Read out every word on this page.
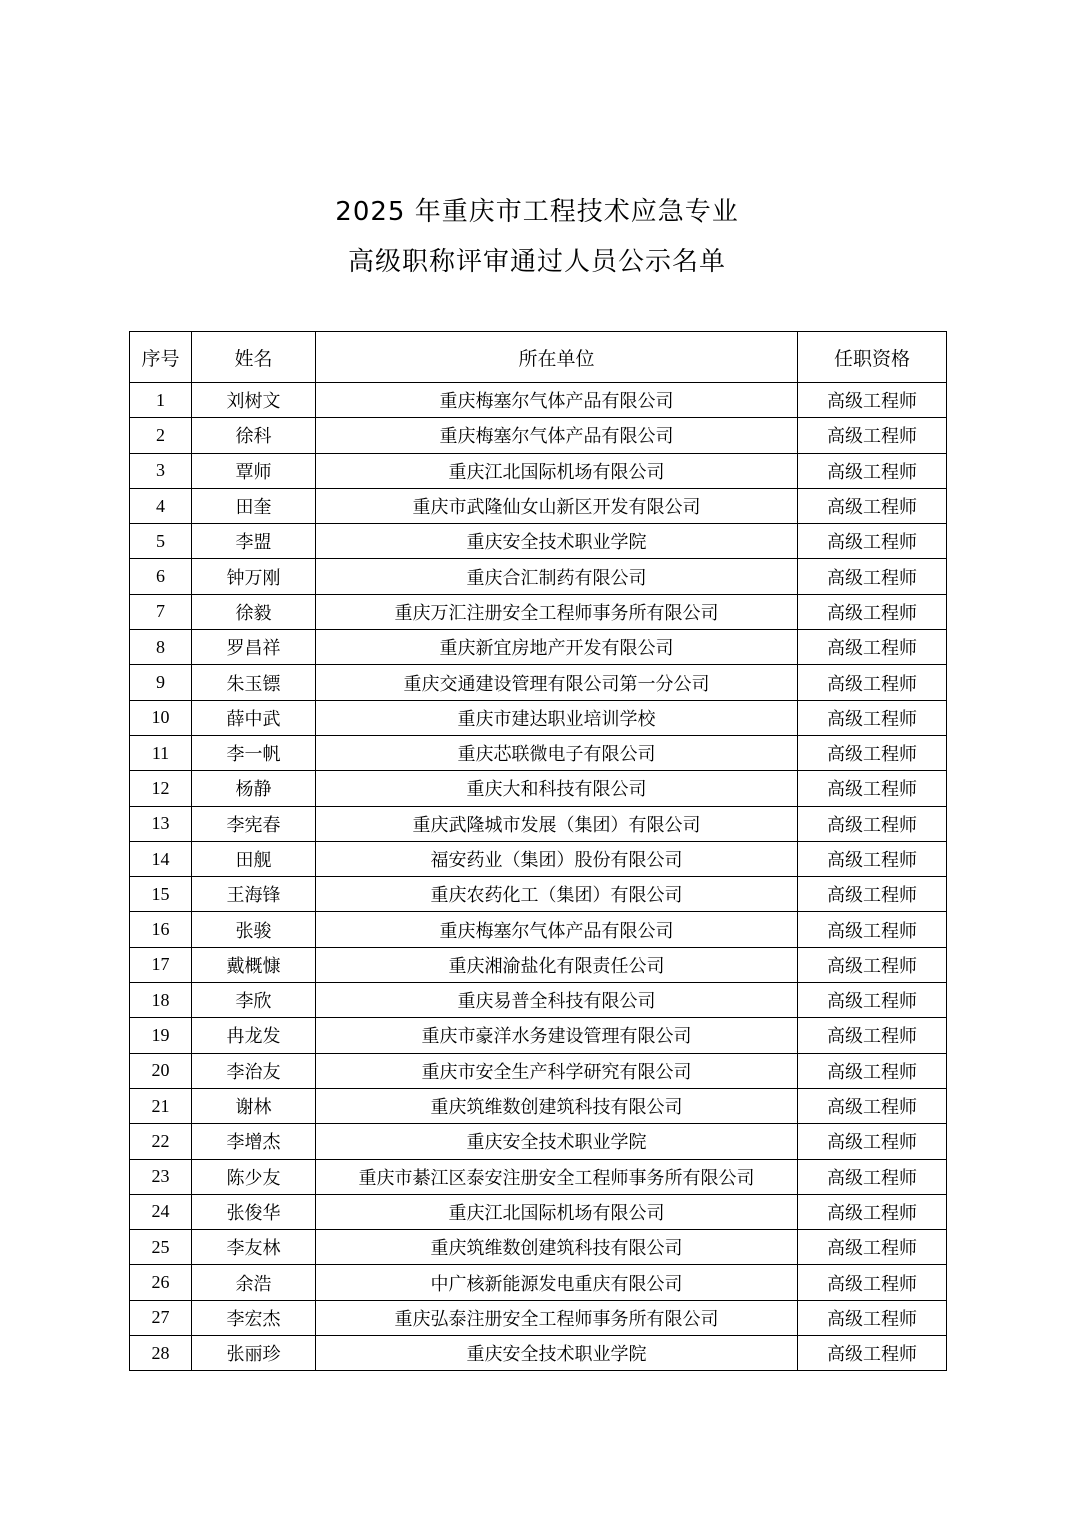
2025 年重庆市工程技术应急专业
高级职称评审通过人员公示名单
序号	姓名	所在单位	任职资格
1	刘树文	重庆梅塞尔气体产品有限公司	高级工程师
2	徐科	重庆梅塞尔气体产品有限公司	高级工程师
3	覃师	重庆江北国际机场有限公司	高级工程师
4	田奎	重庆市武隆仙女山新区开发有限公司	高级工程师
5	李盟	重庆安全技术职业学院	高级工程师
6	钟万刚	重庆合汇制药有限公司	高级工程师
7	徐毅	重庆万汇注册安全工程师事务所有限公司	高级工程师
8	罗昌祥	重庆新宜房地产开发有限公司	高级工程师
9	朱玉镖	重庆交通建设管理有限公司第一分公司	高级工程师
10	薛中武	重庆市建达职业培训学校	高级工程师
11	李一帆	重庆芯联微电子有限公司	高级工程师
12	杨静	重庆大和科技有限公司	高级工程师
13	李宪春	重庆武隆城市发展（集团）有限公司	高级工程师
14	田舰	福安药业（集团）股份有限公司	高级工程师
15	王海锋	重庆农药化工（集团）有限公司	高级工程师
16	张骏	重庆梅塞尔气体产品有限公司	高级工程师
17	戴概慷	重庆湘渝盐化有限责任公司	高级工程师
18	李欣	重庆易普全科技有限公司	高级工程师
19	冉龙发	重庆市豪洋水务建设管理有限公司	高级工程师
20	李治友	重庆市安全生产科学研究有限公司	高级工程师
21	谢林	重庆筑维数创建筑科技有限公司	高级工程师
22	李增杰	重庆安全技术职业学院	高级工程师
23	陈少友	重庆市綦江区泰安注册安全工程师事务所有限公司	高级工程师
24	张俊华	重庆江北国际机场有限公司	高级工程师
25	李友林	重庆筑维数创建筑科技有限公司	高级工程师
26	余浩	中广核新能源发电重庆有限公司	高级工程师
27	李宏杰	重庆弘泰注册安全工程师事务所有限公司	高级工程师
28	张丽珍	重庆安全技术职业学院	高级工程师
